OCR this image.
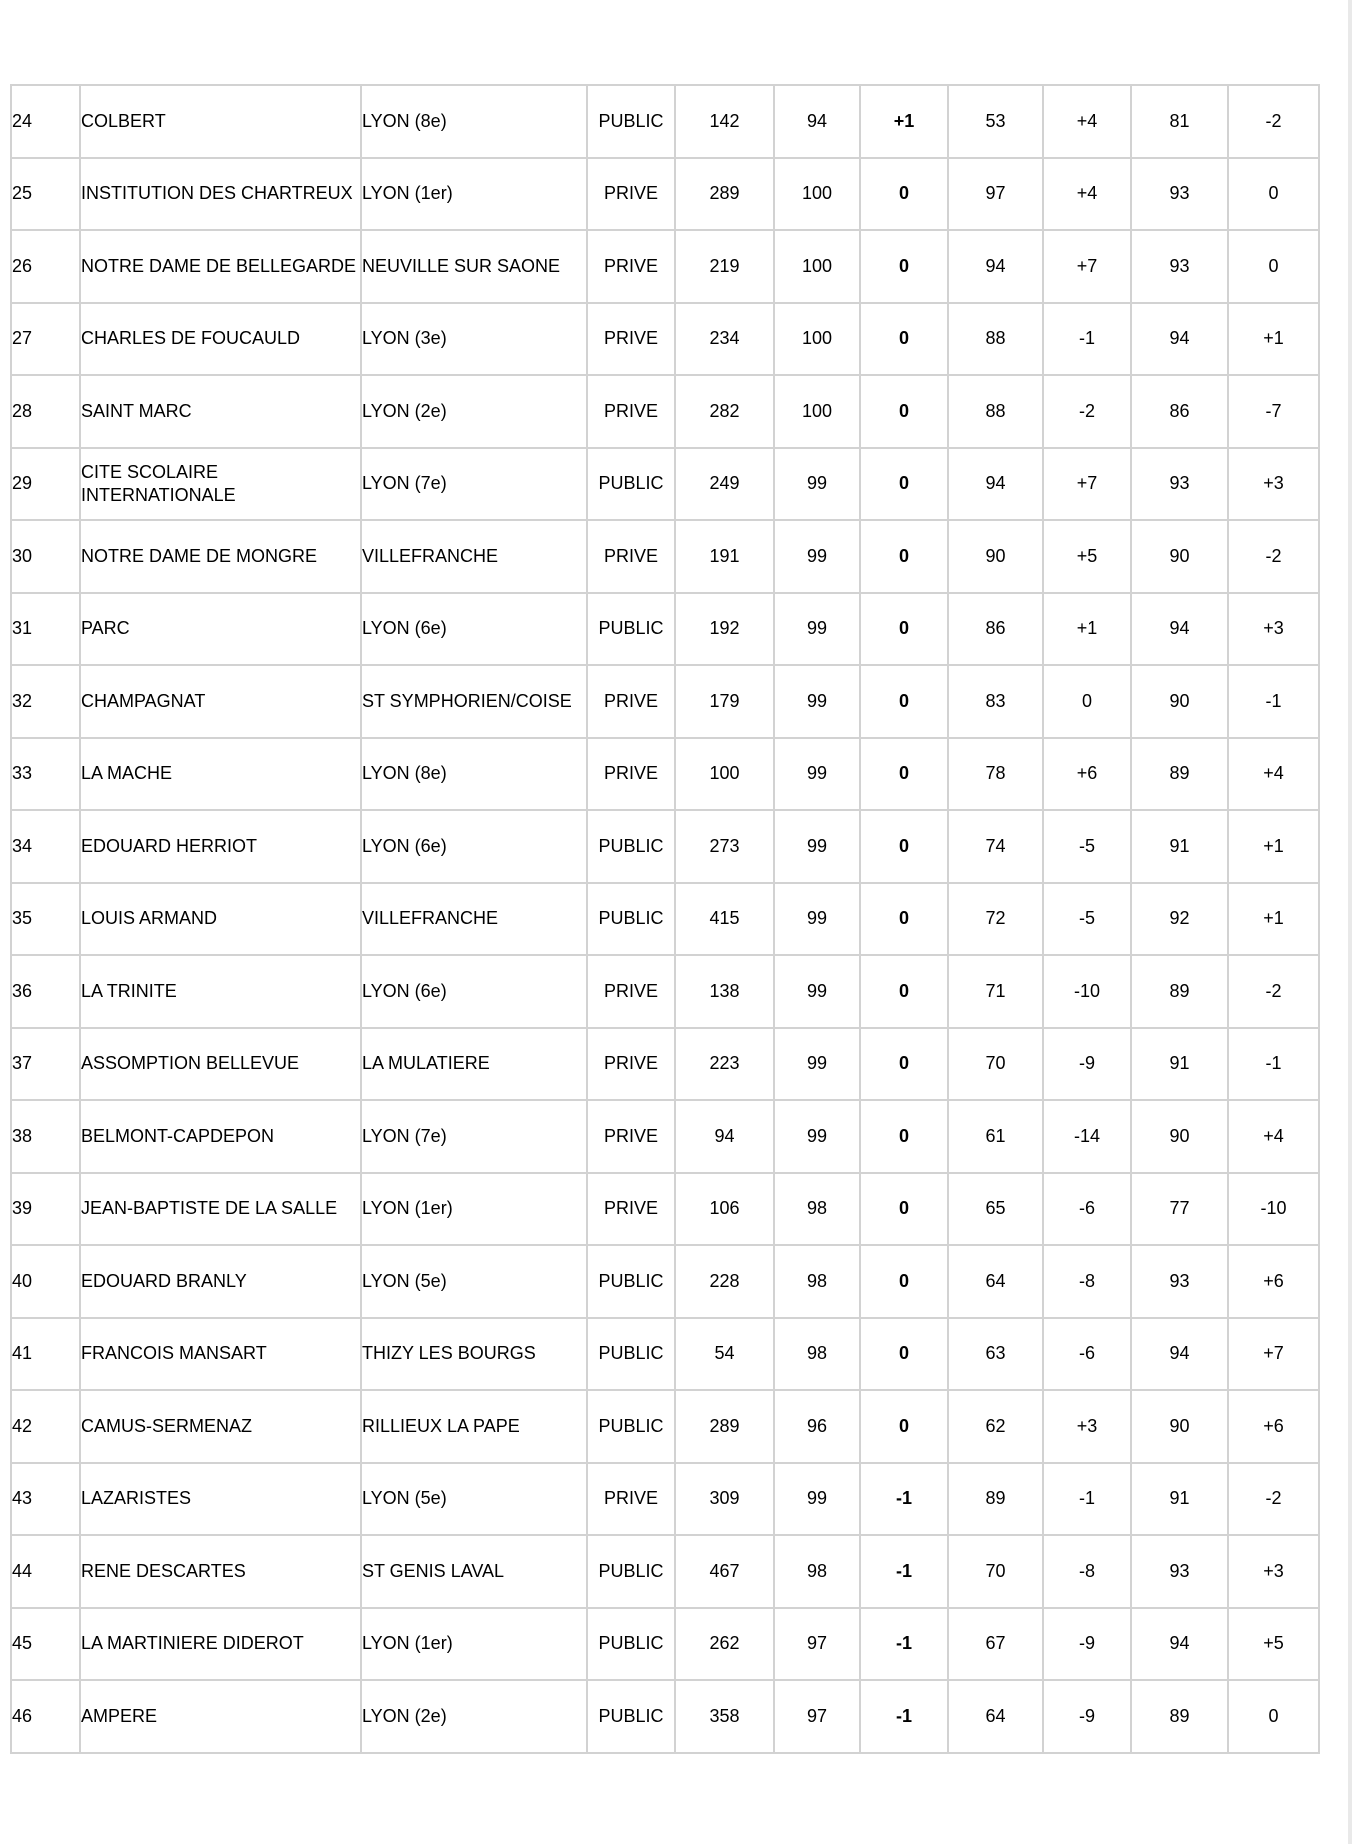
24	COLBERT	LYON (8e)	PUBLIC	142	94	+1	53	+4	81	-2
25	INSTITUTION DES CHARTREUX	LYON (1er)	PRIVE	289	100	0	97	+4	93	0
26	NOTRE DAME DE BELLEGARDE	NEUVILLE SUR SAONE	PRIVE	219	100	0	94	+7	93	0
27	CHARLES DE FOUCAULD	LYON (3e)	PRIVE	234	100	0	88	-1	94	+1
28	SAINT MARC	LYON (2e)	PRIVE	282	100	0	88	-2	86	-7
29	CITE SCOLAIRE INTERNATIONALE	LYON (7e)	PUBLIC	249	99	0	94	+7	93	+3
30	NOTRE DAME DE MONGRE	VILLEFRANCHE	PRIVE	191	99	0	90	+5	90	-2
31	PARC	LYON (6e)	PUBLIC	192	99	0	86	+1	94	+3
32	CHAMPAGNAT	ST SYMPHORIEN/COISE	PRIVE	179	99	0	83	0	90	-1
33	LA MACHE	LYON (8e)	PRIVE	100	99	0	78	+6	89	+4
34	EDOUARD HERRIOT	LYON (6e)	PUBLIC	273	99	0	74	-5	91	+1
35	LOUIS ARMAND	VILLEFRANCHE	PUBLIC	415	99	0	72	-5	92	+1
36	LA TRINITE	LYON (6e)	PRIVE	138	99	0	71	-10	89	-2
37	ASSOMPTION BELLEVUE	LA MULATIERE	PRIVE	223	99	0	70	-9	91	-1
38	BELMONT-CAPDEPON	LYON (7e)	PRIVE	94	99	0	61	-14	90	+4
39	JEAN-BAPTISTE DE LA SALLE	LYON (1er)	PRIVE	106	98	0	65	-6	77	-10
40	EDOUARD BRANLY	LYON (5e)	PUBLIC	228	98	0	64	-8	93	+6
41	FRANCOIS MANSART	THIZY LES BOURGS	PUBLIC	54	98	0	63	-6	94	+7
42	CAMUS-SERMENAZ	RILLIEUX LA PAPE	PUBLIC	289	96	0	62	+3	90	+6
43	LAZARISTES	LYON (5e)	PRIVE	309	99	-1	89	-1	91	-2
44	RENE DESCARTES	ST GENIS LAVAL	PUBLIC	467	98	-1	70	-8	93	+3
45	LA MARTINIERE DIDEROT	LYON (1er)	PUBLIC	262	97	-1	67	-9	94	+5
46	AMPERE	LYON (2e)	PUBLIC	358	97	-1	64	-9	89	0
